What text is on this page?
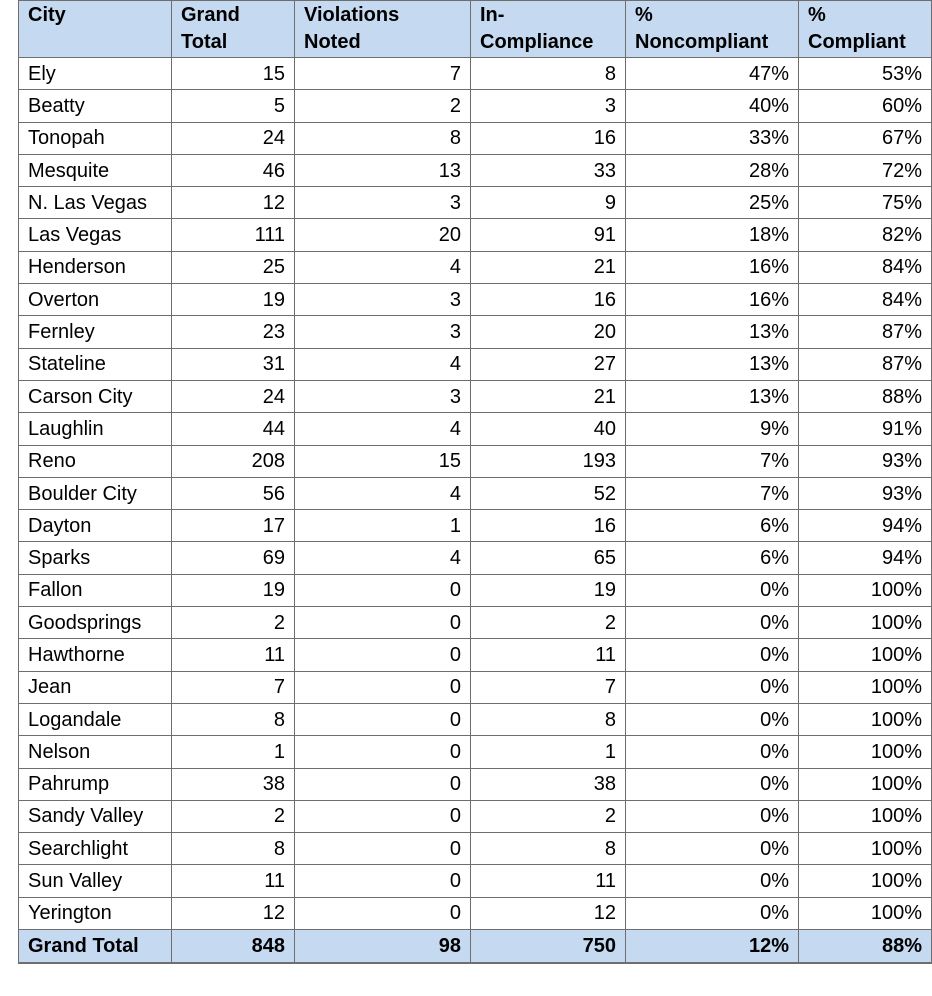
City	Grand Total	Violations Noted	In-Compliance	% Noncompliant	% Compliant
Ely	15	7	8	47%	53%
Beatty	5	2	3	40%	60%
Tonopah	24	8	16	33%	67%
Mesquite	46	13	33	28%	72%
N. Las Vegas	12	3	9	25%	75%
Las Vegas	111	20	91	18%	82%
Henderson	25	4	21	16%	84%
Overton	19	3	16	16%	84%
Fernley	23	3	20	13%	87%
Stateline	31	4	27	13%	87%
Carson City	24	3	21	13%	88%
Laughlin	44	4	40	9%	91%
Reno	208	15	193	7%	93%
Boulder City	56	4	52	7%	93%
Dayton	17	1	16	6%	94%
Sparks	69	4	65	6%	94%
Fallon	19	0	19	0%	100%
Goodsprings	2	0	2	0%	100%
Hawthorne	11	0	11	0%	100%
Jean	7	0	7	0%	100%
Logandale	8	0	8	0%	100%
Nelson	1	0	1	0%	100%
Pahrump	38	0	38	0%	100%
Sandy Valley	2	0	2	0%	100%
Searchlight	8	0	8	0%	100%
Sun Valley	11	0	11	0%	100%
Yerington	12	0	12	0%	100%
Grand Total	848	98	750	12%	88%
